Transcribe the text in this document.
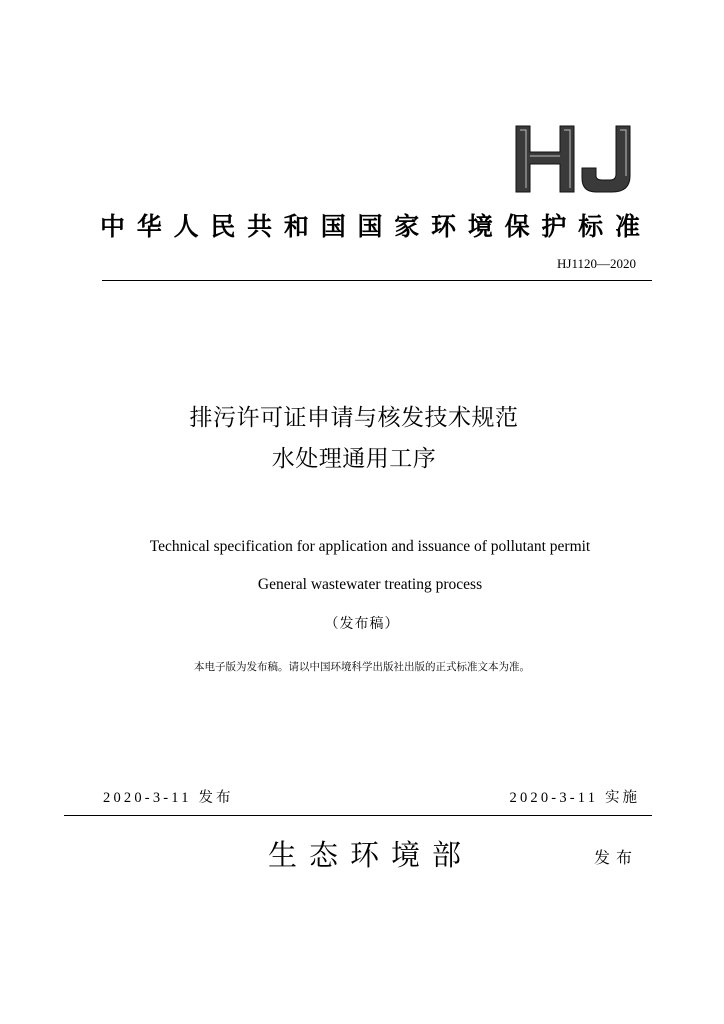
中 华 人 民 共 和 国 国 家 环 境 保 护 标 准
HJ1120—2020
排污许可证申请与核发技术规范
水处理通用工序
Technical specification for application and issuance of pollutant permit
General wastewater treating process
（发布稿）
本电子版为发布稿。请以中国环境科学出版社出版的正式标准文本为准。
2020-3-11 发布	2020-3-11 实施
生态环境部	发布
